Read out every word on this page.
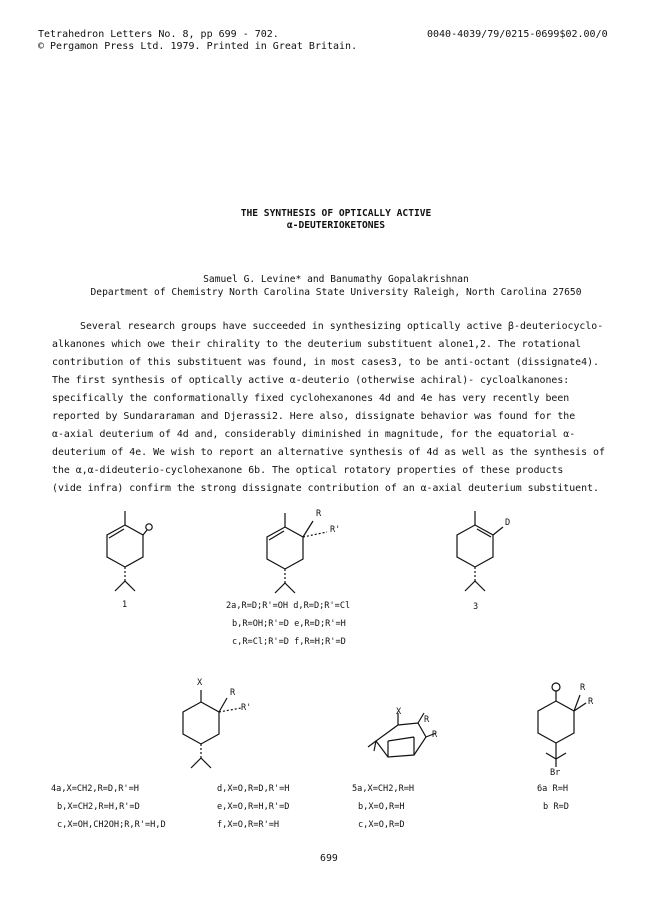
Tetrahedron Letters No. 8, pp 699 - 702.
© Pergamon Press Ltd. 1979. Printed in Great Britain.
0040-4039/79/0215-0699$02.00/0
THE SYNTHESIS OF OPTICALLY ACTIVE
α-DEUTERIOKETONES
Samuel G. Levine* and Banumathy Gopalakrishnan
Department of Chemistry North Carolina State University Raleigh, North Carolina 27650
Several research groups have succeeded in synthesizing optically active β-deuteriocyclo-
alkanones which owe their chirality to the deuterium substituent alone1,2. The rotational
contribution of this substituent was found, in most cases3, to be anti-octant (dissignate4).
The first synthesis of optically active α-deuterio (otherwise achiral)- cycloalkanones:
specifically the conformationally fixed cyclohexanones 4d and 4e has very recently been
reported by Sundararaman and Djerassi2. Here also, dissignate behavior was found for the
α-axial deuterium of 4d and, considerably diminished in magnitude, for the equatorial α-
deuterium of 4e. We wish to report an alternative synthesis of 4d as well as the synthesis of
the α,α-dideuterio-cyclohexanone 6b. The optical rotatory properties of these products
(vide infra) confirm the strong dissignate contribution of an α-axial deuterium substituent.
1
R
R'
2a,R=D;R'=OH d,R=D;R'=Cl
b,R=OH;R'=D e,R=D;R'=H
c,R=Cl;R'=D f,R=H;R'=D
D
3
X
R
R'
4a,X=CH2,R=D,R'=H
b,X=CH2,R=H,R'=D
c,X=OH,CH2OH;R,R'=H,D
d,X=O,R=D,R'=H
e,X=O,R=H,R'=D
f,X=O,R=R'=H
X
R
R
5a,X=CH2,R=H
b,X=O,R=H
c,X=O,R=D
R
R
Br
6a R=H
b R=D
699
